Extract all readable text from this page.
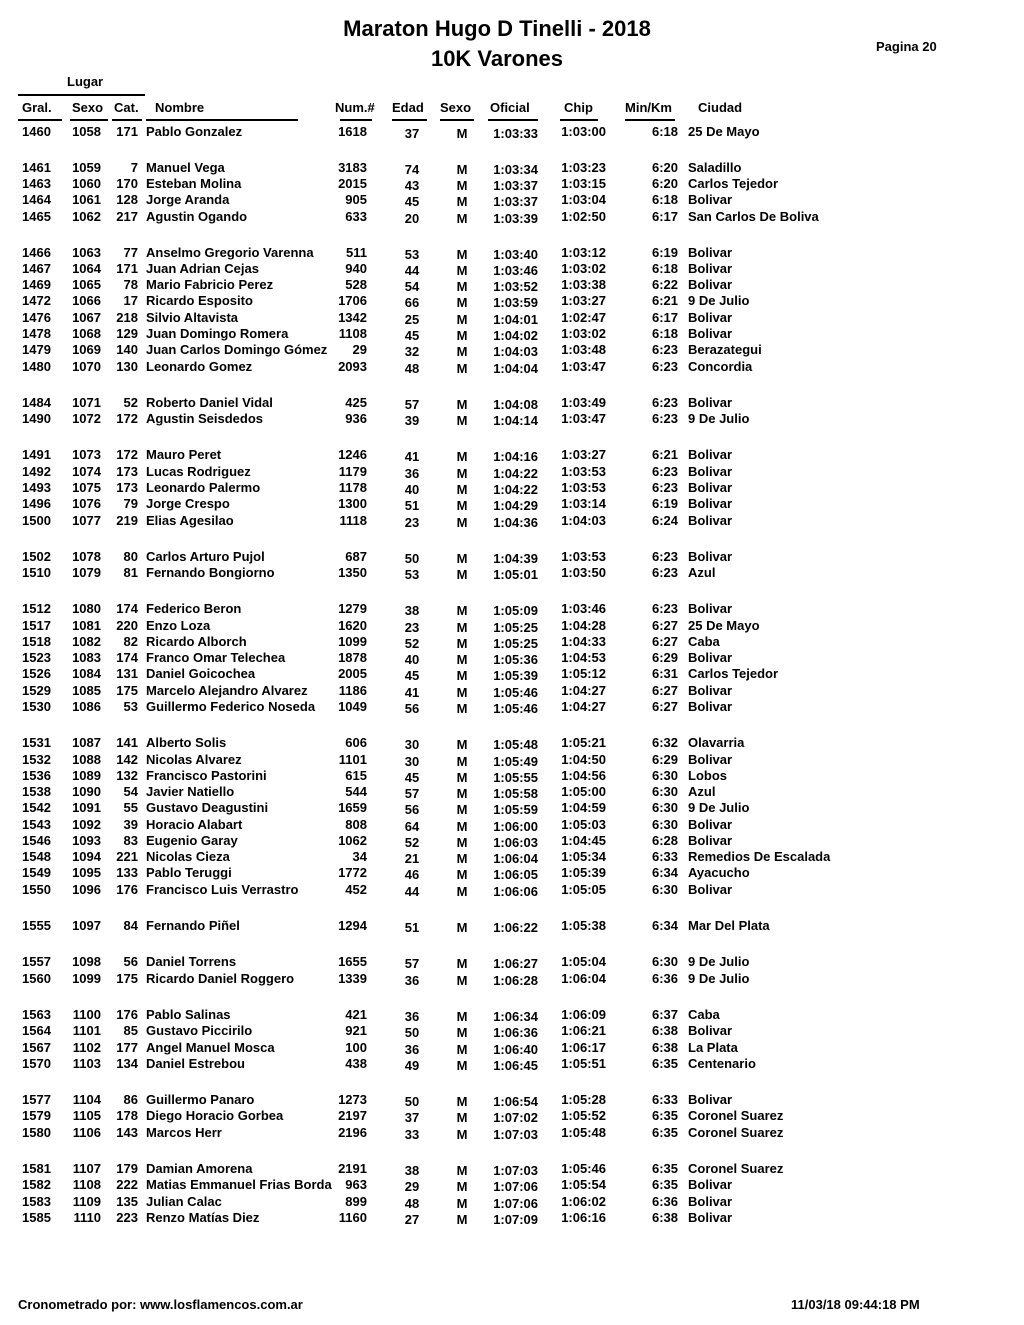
Maraton Hugo D Tinelli - 2018
10K Varones	Pagina 20
Lugar
Gral. Sexo Cat. Nombre	Num.# Edad Sexo Oficial	Chip Min/Km Ciudad
1460	1058	171 Pablo Gonzalez	1618	37	M	1:03:33	1:03:00	6:18 25 De Mayo
1461	1059	7 Manuel Vega	3183	74	M	1:03:34	1:03:23	6:20 Saladillo
1463	1060	170 Esteban Molina	2015	43	M	1:03:37	1:03:15	6:20 Carlos Tejedor
1464	1061	128 Jorge Aranda	905	45	M	1:03:37	1:03:04	6:18 Bolivar
1465	1062	217 Agustin Ogando	633	20	M	1:03:39	1:02:50	6:17 San Carlos De Boliva
1466	1063	77 Anselmo Gregorio Varenna	511	53	M	1:03:40	1:03:12	6:19 Bolivar
1467	1064	171 Juan Adrian Cejas	940	44	M	1:03:46	1:03:02	6:18 Bolivar
1469	1065	78 Mario Fabricio Perez	528	54	M	1:03:52	1:03:38	6:22 Bolivar
1472	1066	17 Ricardo Esposito	1706	66	M	1:03:59	1:03:27	6:21 9 De Julio
1476	1067	218 Silvio Altavista	1342	25	M	1:04:01	1:02:47	6:17 Bolivar
1478	1068	129 Juan Domingo Romera	1108	45	M	1:04:02	1:03:02	6:18 Bolivar
1479	1069	140 Juan Carlos Domingo Gómez	29	32	M	1:04:03	1:03:48	6:23 Berazategui
1480	1070	130 Leonardo Gomez	2093	48	M	1:04:04	1:03:47	6:23 Concordia
1484	1071	52 Roberto Daniel Vidal	425	57	M	1:04:08	1:03:49	6:23 Bolivar
1490	1072	172 Agustin Seisdedos	936	39	M	1:04:14	1:03:47	6:23 9 De Julio
1491	1073	172 Mauro Peret	1246	41	M	1:04:16	1:03:27	6:21 Bolivar
1492	1074	173 Lucas Rodriguez	1179	36	M	1:04:22	1:03:53	6:23 Bolivar
1493	1075	173 Leonardo Palermo	1178	40	M	1:04:22	1:03:53	6:23 Bolivar
1496	1076	79 Jorge Crespo	1300	51	M	1:04:29	1:03:14	6:19 Bolivar
1500	1077	219 Elias Agesilao	1118	23	M	1:04:36	1:04:03	6:24 Bolivar
1502	1078	80 Carlos Arturo Pujol	687	50	M	1:04:39	1:03:53	6:23 Bolivar
1510	1079	81 Fernando Bongiorno	1350	53	M	1:05:01	1:03:50	6:23 Azul
1512	1080	174 Federico Beron	1279	38	M	1:05:09	1:03:46	6:23 Bolivar
1517	1081	220 Enzo Loza	1620	23	M	1:05:25	1:04:28	6:27 25 De Mayo
1518	1082	82 Ricardo Alborch	1099	52	M	1:05:25	1:04:33	6:27 Caba
1523	1083	174 Franco Omar Telechea	1878	40	M	1:05:36	1:04:53	6:29 Bolivar
1526	1084	131 Daniel Goicochea	2005	45	M	1:05:39	1:05:12	6:31 Carlos Tejedor
1529	1085	175 Marcelo Alejandro Alvarez	1186	41	M	1:05:46	1:04:27	6:27 Bolivar
1530	1086	53 Guillermo Federico Noseda	1049	56	M	1:05:46	1:04:27	6:27 Bolivar
1531	1087	141 Alberto Solis	606	30	M	1:05:48	1:05:21	6:32 Olavarria
1532	1088	142 Nicolas Alvarez	1101	30	M	1:05:49	1:04:50	6:29 Bolivar
1536	1089	132 Francisco Pastorini	615	45	M	1:05:55	1:04:56	6:30 Lobos
1538	1090	54 Javier Natiello	544	57	M	1:05:58	1:05:00	6:30 Azul
1542	1091	55 Gustavo Deagustini	1659	56	M	1:05:59	1:04:59	6:30 9 De Julio
1543	1092	39 Horacio Alabart	808	64	M	1:06:00	1:05:03	6:30 Bolivar
1546	1093	83 Eugenio Garay	1062	52	M	1:06:03	1:04:45	6:28 Bolivar
1548	1094	221 Nicolas Cieza	34	21	M	1:06:04	1:05:34	6:33 Remedios De Escalada
1549	1095	133 Pablo Teruggi	1772	46	M	1:06:05	1:05:39	6:34 Ayacucho
1550	1096	176 Francisco Luis Verrastro	452	44	M	1:06:06	1:05:05	6:30 Bolivar
1555	1097	84 Fernando Piñel	1294	51	M	1:06:22	1:05:38	6:34 Mar Del Plata
1557	1098	56 Daniel Torrens	1655	57	M	1:06:27	1:05:04	6:30 9 De Julio
1560	1099	175 Ricardo Daniel Roggero	1339	36	M	1:06:28	1:06:04	6:36 9 De Julio
1563	1100	176 Pablo Salinas	421	36	M	1:06:34	1:06:09	6:37 Caba
1564	1101	85 Gustavo Piccirilo	921	50	M	1:06:36	1:06:21	6:38 Bolivar
1567	1102	177 Angel Manuel Mosca	100	36	M	1:06:40	1:06:17	6:38 La Plata
1570	1103	134 Daniel Estrebou	438	49	M	1:06:45	1:05:51	6:35 Centenario
1577	1104	86 Guillermo Panaro	1273	50	M	1:06:54	1:05:28	6:33 Bolivar
1579	1105	178 Diego Horacio Gorbea	2197	37	M	1:07:02	1:05:52	6:35 Coronel Suarez
1580	1106	143 Marcos Herr	2196	33	M	1:07:03	1:05:48	6:35 Coronel Suarez
1581	1107	179 Damian Amorena	2191	38	M	1:07:03	1:05:46	6:35 Coronel Suarez
1582	1108	222 Matias Emmanuel Frias Borda	963	29	M	1:07:06	1:05:54	6:35 Bolivar
1583	1109	135 Julian Calac	899	48	M	1:07:06	1:06:02	6:36 Bolivar
1585	1110	223 Renzo Matías Diez	1160	27	M	1:07:09	1:06:16	6:38 Bolivar
Cronometrado por: www.losflamencos.com.ar	11/03/18 09:44:18 PM
